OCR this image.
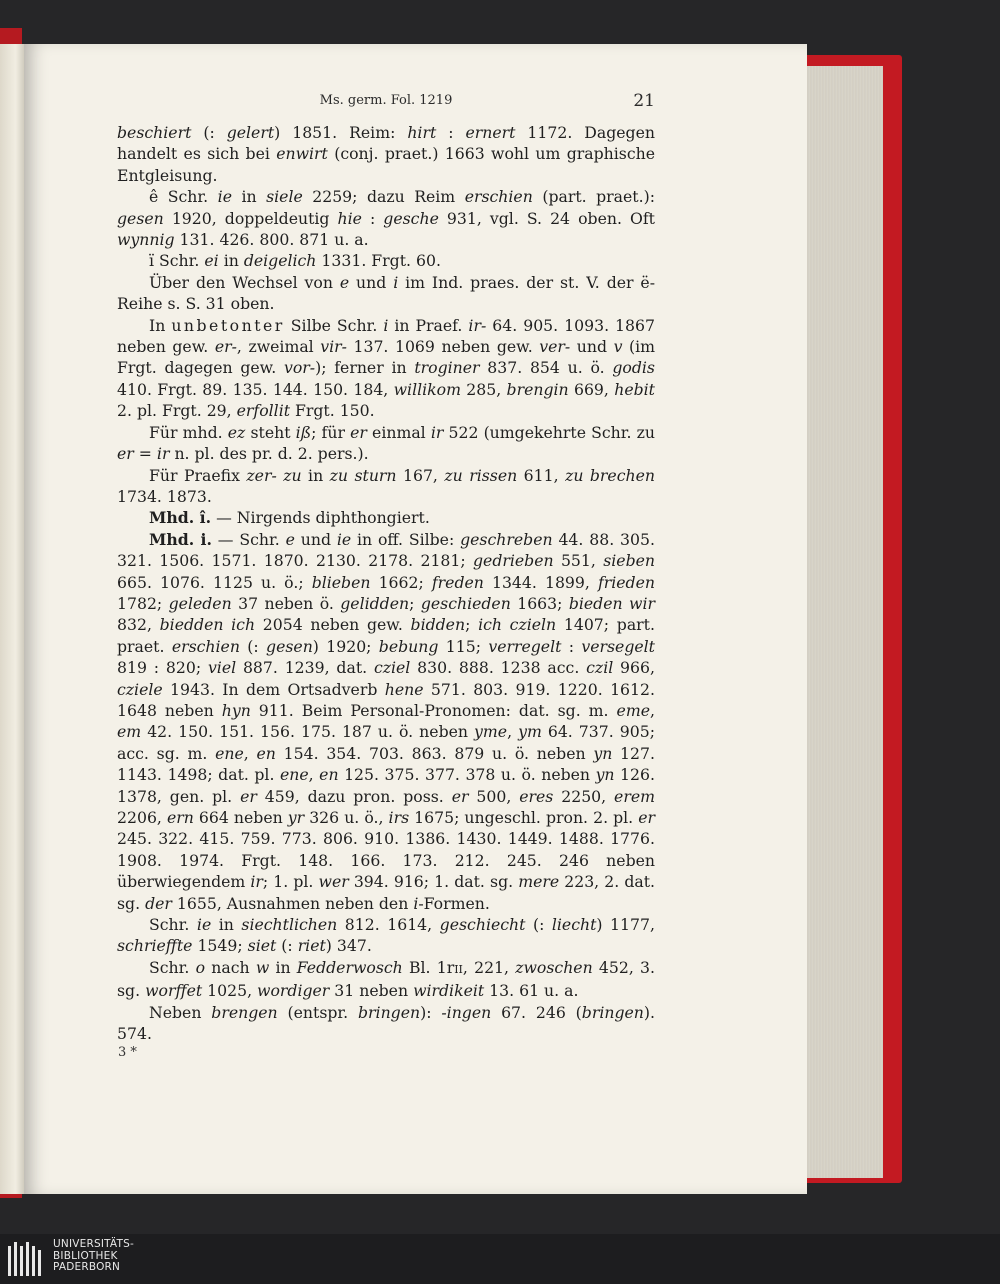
Ms. germ. Fol. 1219	21

beschiert (: gelert) 1851. Reim: hirt : ernert 1172. Dagegen handelt es sich bei enwirt (conj. praet.) 1663 wohl um graphische Entgleisung.

ê Schr. ie in siele 2259; dazu Reim erschien (part. praet.): gesen 1920, doppeldeutig hie : gesche 931, vgl. S. 24 oben. Oft wynnig 131. 426. 800. 871 u. a.

ï Schr. ei in deigelich 1331. Frgt. 60.

Über den Wechsel von e und i im Ind. praes. der st. V. der ë-Reihe s. S. 31 oben.

In unbetonter Silbe Schr. i in Praef. ir- 64. 905. 1093. 1867 neben gew. er-, zweimal vir- 137. 1069 neben gew. ver- und v (im Frgt. dagegen gew. vor-); ferner in troginer 837. 854 u. ö. godis 410. Frgt. 89. 135. 144. 150. 184, willikom 285, brengin 669, hebit 2. pl. Frgt. 29, erfollit Frgt. 150.

Für mhd. ez steht iß; für er einmal ir 522 (umgekehrte Schr. zu er = ir n. pl. des pr. d. 2. pers.).

Für Praefix zer- zu in zu sturn 167, zu rissen 611, zu brechen 1734. 1873.

Mhd. î. — Nirgends diphthongiert.

Mhd. i. — Schr. e und ie in off. Silbe: geschreben 44. 88. 305. 321. 1506. 1571. 1870. 2130. 2178. 2181; gedrieben 551, sieben 665. 1076. 1125 u. ö.; blieben 1662; freden 1344. 1899, frieden 1782; geleden 37 neben ö. gelidden; geschieden 1663; bieden wir 832, biedden ich 2054 neben gew. bidden; ich czieln 1407; part. praet. erschien (: gesen) 1920; bebung 115; verregelt : versegelt 819 : 820; viel 887. 1239, dat. cziel 830. 888. 1238 acc. czil 966, cziele 1943. In dem Ortsadverb hene 571. 803. 919. 1220. 1612. 1648 neben hyn 911. Beim Personal-Pronomen: dat. sg. m. eme, em 42. 150. 151. 156. 175. 187 u. ö. neben yme, ym 64. 737. 905; acc. sg. m. ene, en 154. 354. 703. 863. 879 u. ö. neben yn 127. 1143. 1498; dat. pl. ene, en 125. 375. 377. 378 u. ö. neben yn 126. 1378, gen. pl. er 459, dazu pron. poss. er 500, eres 2250, erem 2206, ern 664 neben yr 326 u. ö., irs 1675; ungeschl. pron. 2. pl. er 245. 322. 415. 759. 773. 806. 910. 1386. 1430. 1449. 1488. 1776. 1908. 1974. Frgt. 148. 166. 173. 212. 245. 246 neben überwiegendem ir; 1. pl. wer 394. 916; 1. dat. sg. mere 223, 2. dat. sg. der 1655, Ausnahmen neben den i-Formen.

Schr. ie in siechtlichen 812. 1614, geschiecht (: liecht) 1177, schrieffte 1549; siet (: riet) 347.

Schr. o nach w in Fedderwosch Bl. 1rII, 221, zwoschen 452, 3. sg. worffet 1025, wordiger 31 neben wirdikeit 13. 61 u. a.

Neben brengen (entspr. bringen): -ingen 67. 246 (bringen). 574.

3 *
UNIVERSITÄTS-
BIBLIOTHEK
PADERBORN
